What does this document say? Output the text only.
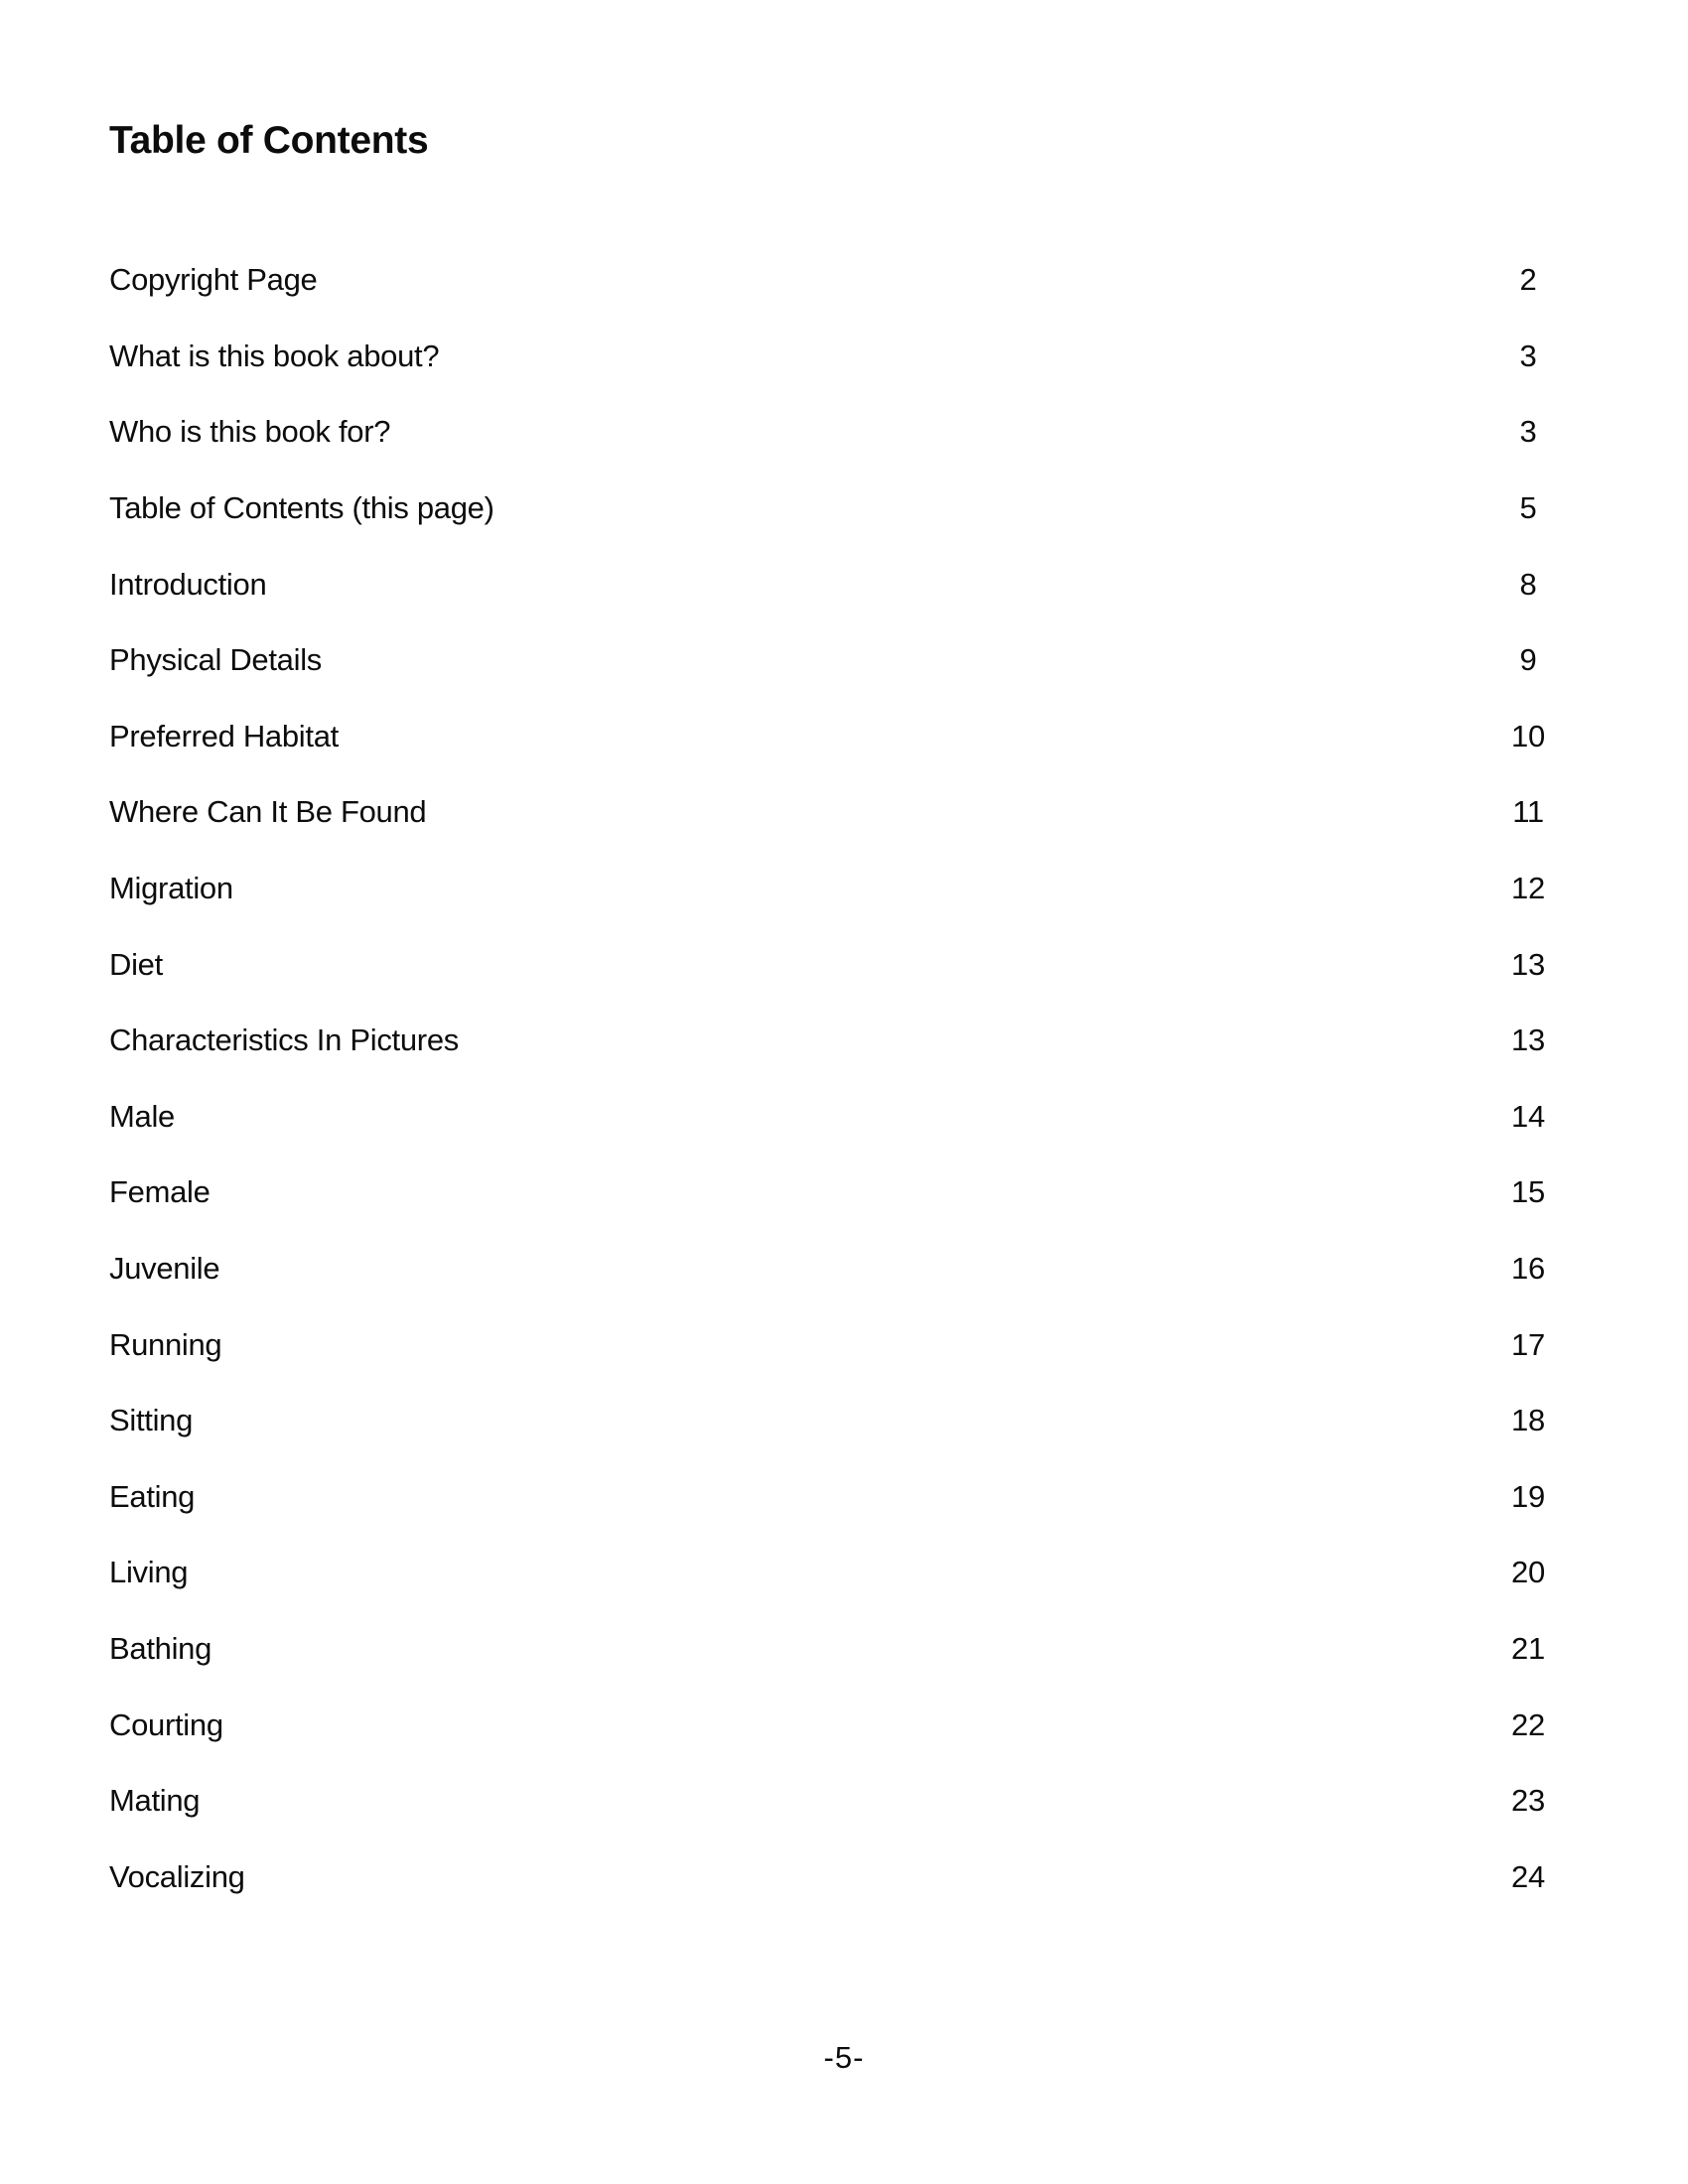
Table of Contents
Copyright Page	2
What is this book about?	3
Who is this book for?	3
Table of Contents (this page)	5
Introduction	8
Physical Details	9
Preferred Habitat	10
Where Can It Be Found	11
Migration	12
Diet	13
Characteristics In Pictures	13
Male	14
Female	15
Juvenile	16
Running	17
Sitting	18
Eating	19
Living	20
Bathing	21
Courting	22
Mating	23
Vocalizing	24
-5-
